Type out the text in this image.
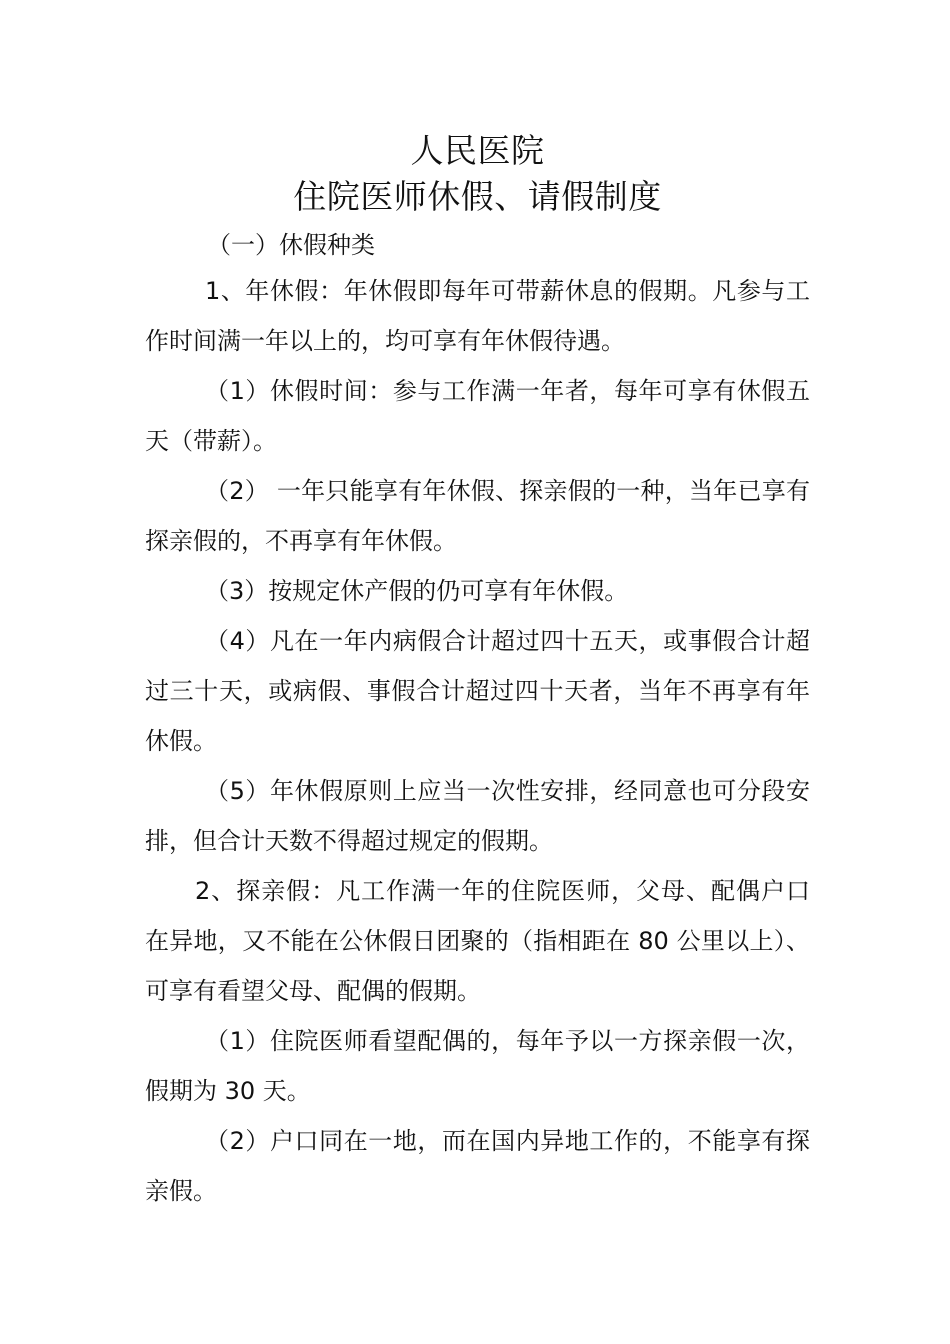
人民医院
住院医师休假、请假制度

（一）休假种类

1、年休假：年休假即每年可带薪休息的假期。凡参与工作时间满一年以上的，均可享有年休假待遇。

（1）休假时间：参与工作满一年者，每年可享有休假五天（带薪）。

（2） 一年只能享有年休假、探亲假的一种，当年已享有探亲假的，不再享有年休假。

（3）按规定休产假的仍可享有年休假。

（4）凡在一年内病假合计超过四十五天，或事假合计超过三十天，或病假、事假合计超过四十天者，当年不再享有年休假。

（5）年休假原则上应当一次性安排，经同意也可分段安排，但合计天数不得超过规定的假期。

2、探亲假：凡工作满一年的住院医师，父母、配偶户口在异地，又不能在公休假日团聚的（指相距在 80 公里以上）、可享有看望父母、配偶的假期。

（1）住院医师看望配偶的，每年予以一方探亲假一次，假期为 30 天。

（2）户口同在一地，而在国内异地工作的，不能享有探亲假。
